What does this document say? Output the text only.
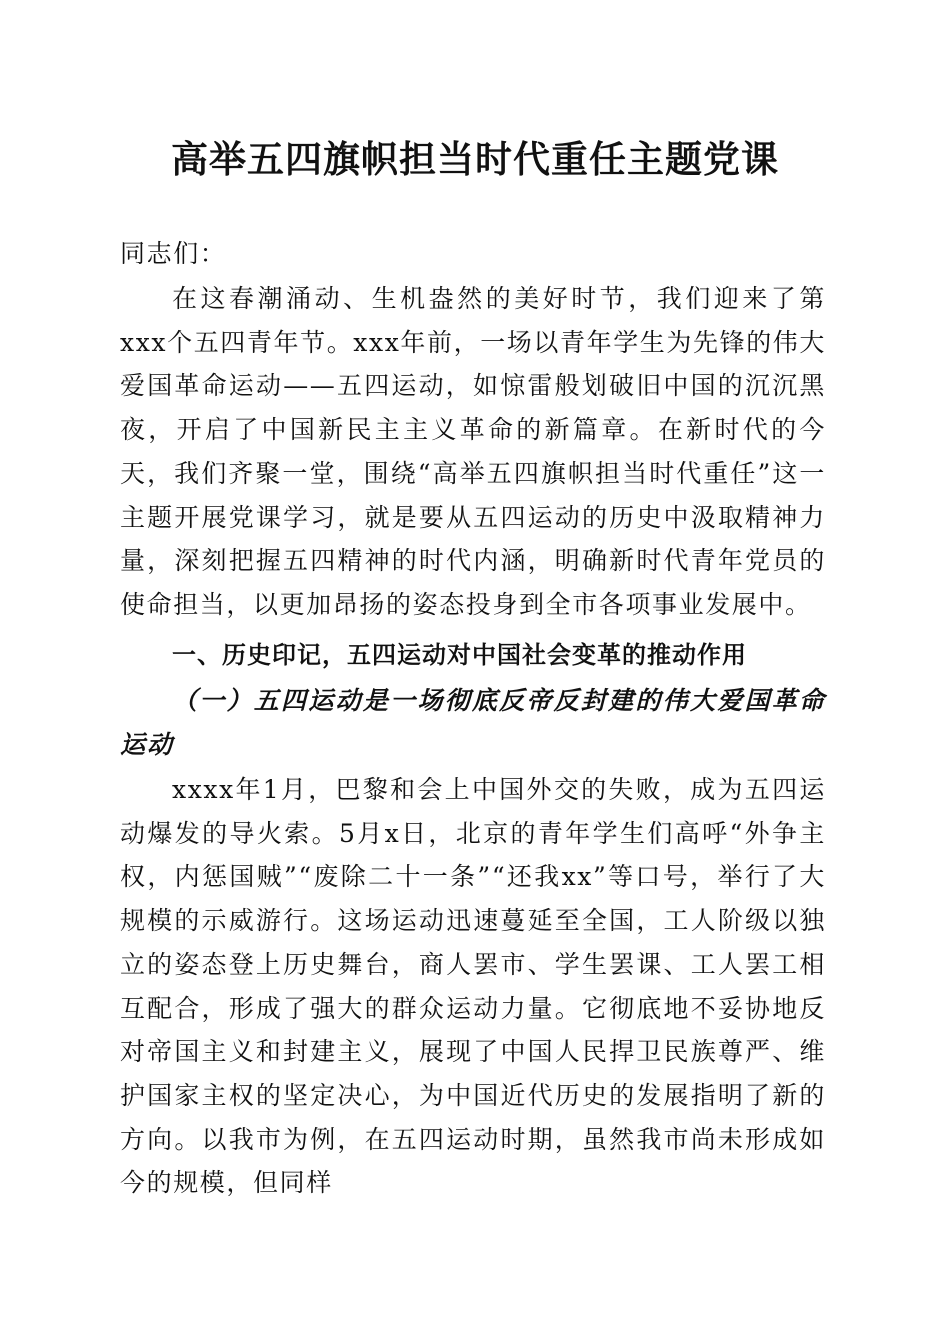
高举五四旗帜担当时代重任主题党课

同志们：

在这春潮涌动、生机盎然的美好时节，我们迎来了第xxx个五四青年节。xxx年前，一场以青年学生为先锋的伟大爱国革命运动——五四运动，如惊雷般划破旧中国的沉沉黑夜，开启了中国新民主主义革命的新篇章。在新时代的今天，我们齐聚一堂，围绕“高举五四旗帜担当时代重任”这一主题开展党课学习，就是要从五四运动的历史中汲取精神力量，深刻把握五四精神的时代内涵，明确新时代青年党员的使命担当，以更加昂扬的姿态投身到全市各项事业发展中。

一、历史印记，五四运动对中国社会变革的推动作用
（一）五四运动是一场彻底反帝反封建的伟大爱国革命运动

xxxx年1月，巴黎和会上中国外交的失败，成为五四运动爆发的导火索。5月x日，北京的青年学生们高呼“外争主权，内惩国贼”“废除二十一条”“还我xx”等口号，举行了大规模的示威游行。这场运动迅速蔓延至全国，工人阶级以独立的姿态登上历史舞台，商人罢市、学生罢课、工人罢工相互配合，形成了强大的群众运动力量。它彻底地不妥协地反对帝国主义和封建主义，展现了中国人民捍卫民族尊严、维护国家主权的坚定决心，为中国近代历史的发展指明了新的方向。以我市为例，在五四运动时期，虽然我市尚未形成如今的规模，但同样
